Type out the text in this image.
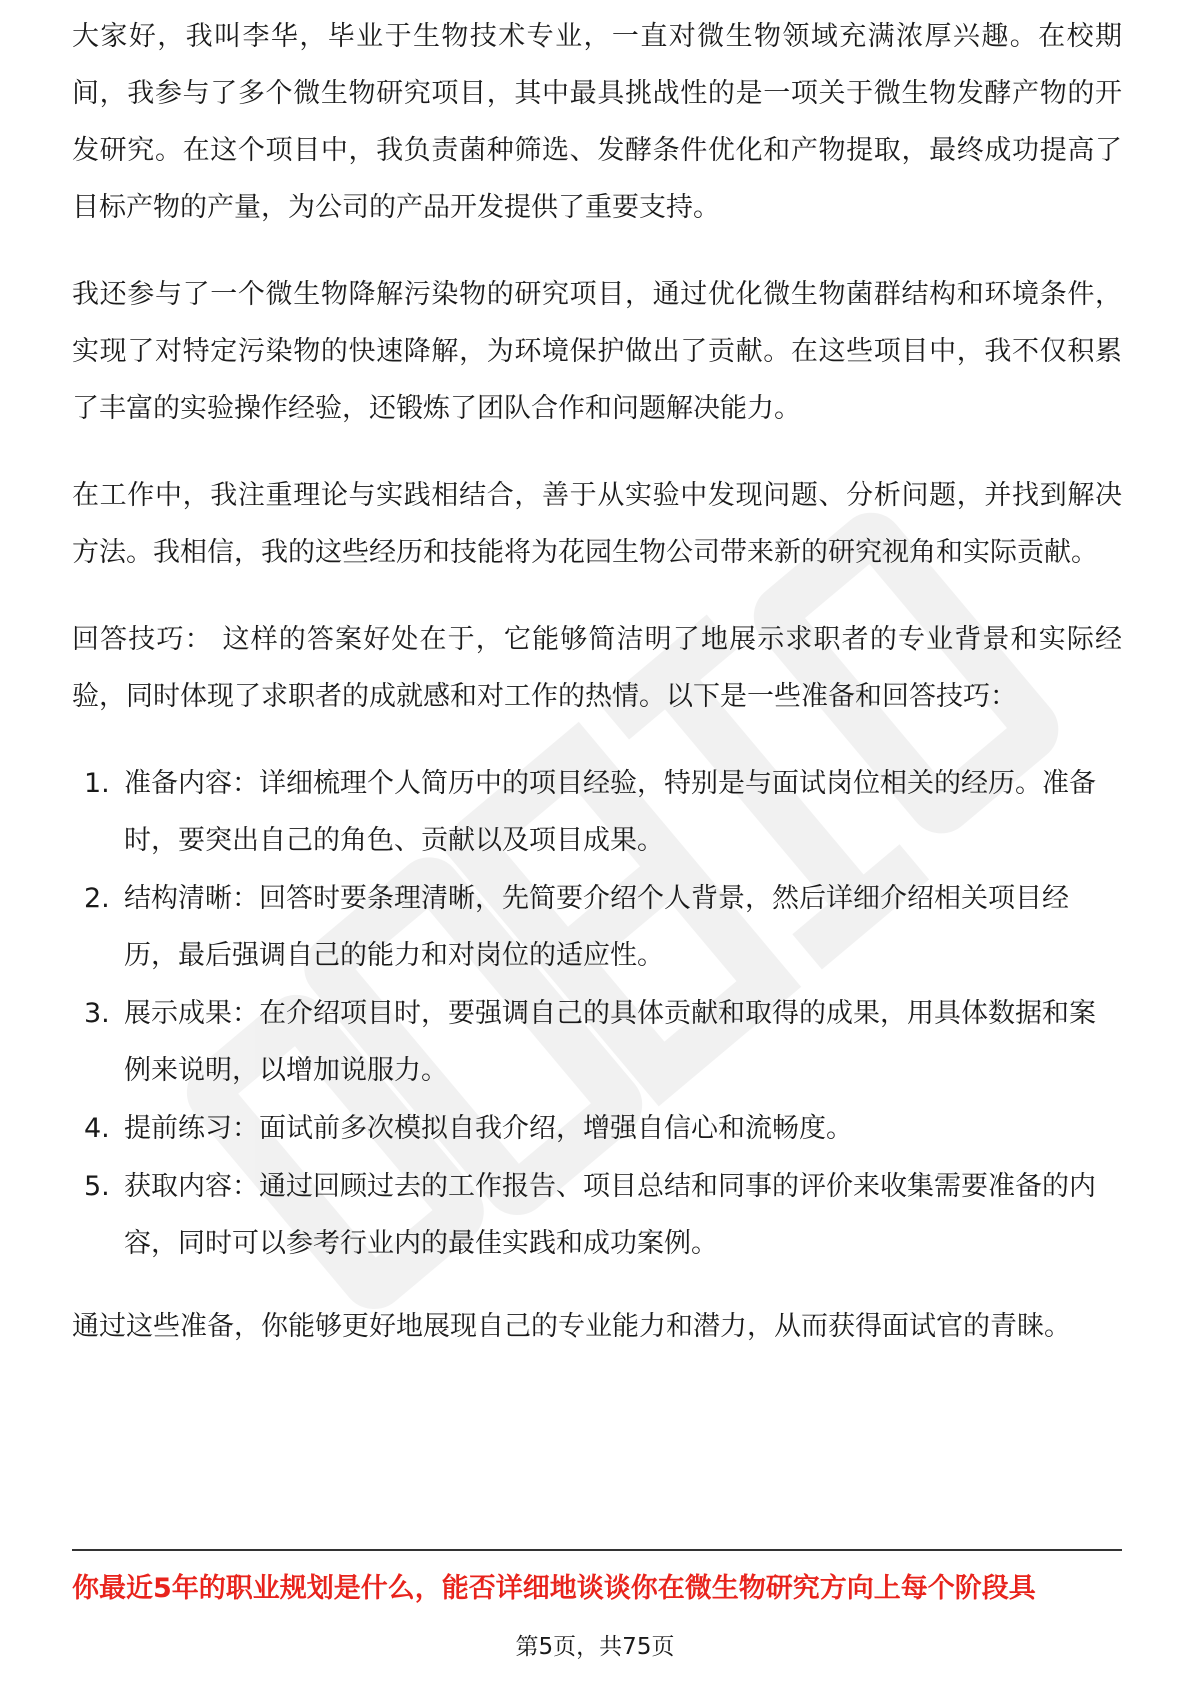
大家好，我叫李华，毕业于生物技术专业，一直对微生物领域充满浓厚兴趣。在校期间，我参与了多个微生物研究项目，其中最具挑战性的是一项关于微生物发酵产物的开发研究。在这个项目中，我负责菌种筛选、发酵条件优化和产物提取，最终成功提高了目标产物的产量，为公司的产品开发提供了重要支持。

我还参与了一个微生物降解污染物的研究项目，通过优化微生物菌群结构和环境条件，实现了对特定污染物的快速降解，为环境保护做出了贡献。在这些项目中，我不仅积累了丰富的实验操作经验，还锻炼了团队合作和问题解决能力。

在工作中，我注重理论与实践相结合，善于从实验中发现问题、分析问题，并找到解决方法。我相信，我的这些经历和技能将为花园生物公司带来新的研究视角和实际贡献。

回答技巧： 这样的答案好处在于，它能够简洁明了地展示求职者的专业背景和实际经验，同时体现了求职者的成就感和对工作的热情。以下是一些准备和回答技巧：

1. 准备内容：详细梳理个人简历中的项目经验，特别是与面试岗位相关的经历。准备时，要突出自己的角色、贡献以及项目成果。
2. 结构清晰：回答时要条理清晰，先简要介绍个人背景，然后详细介绍相关项目经历，最后强调自己的能力和对岗位的适应性。
3. 展示成果：在介绍项目时，要强调自己的具体贡献和取得的成果，用具体数据和案例来说明，以增加说服力。
4. 提前练习：面试前多次模拟自我介绍，增强自信心和流畅度。
5. 获取内容：通过回顾过去的工作报告、项目总结和同事的评价来收集需要准备的内容，同时可以参考行业内的最佳实践和成功案例。

通过这些准备，你能够更好地展现自己的专业能力和潜力，从而获得面试官的青睐。

你最近5年的职业规划是什么，能否详细地谈谈你在微生物研究方向上每个阶段具
第5页，共75页
